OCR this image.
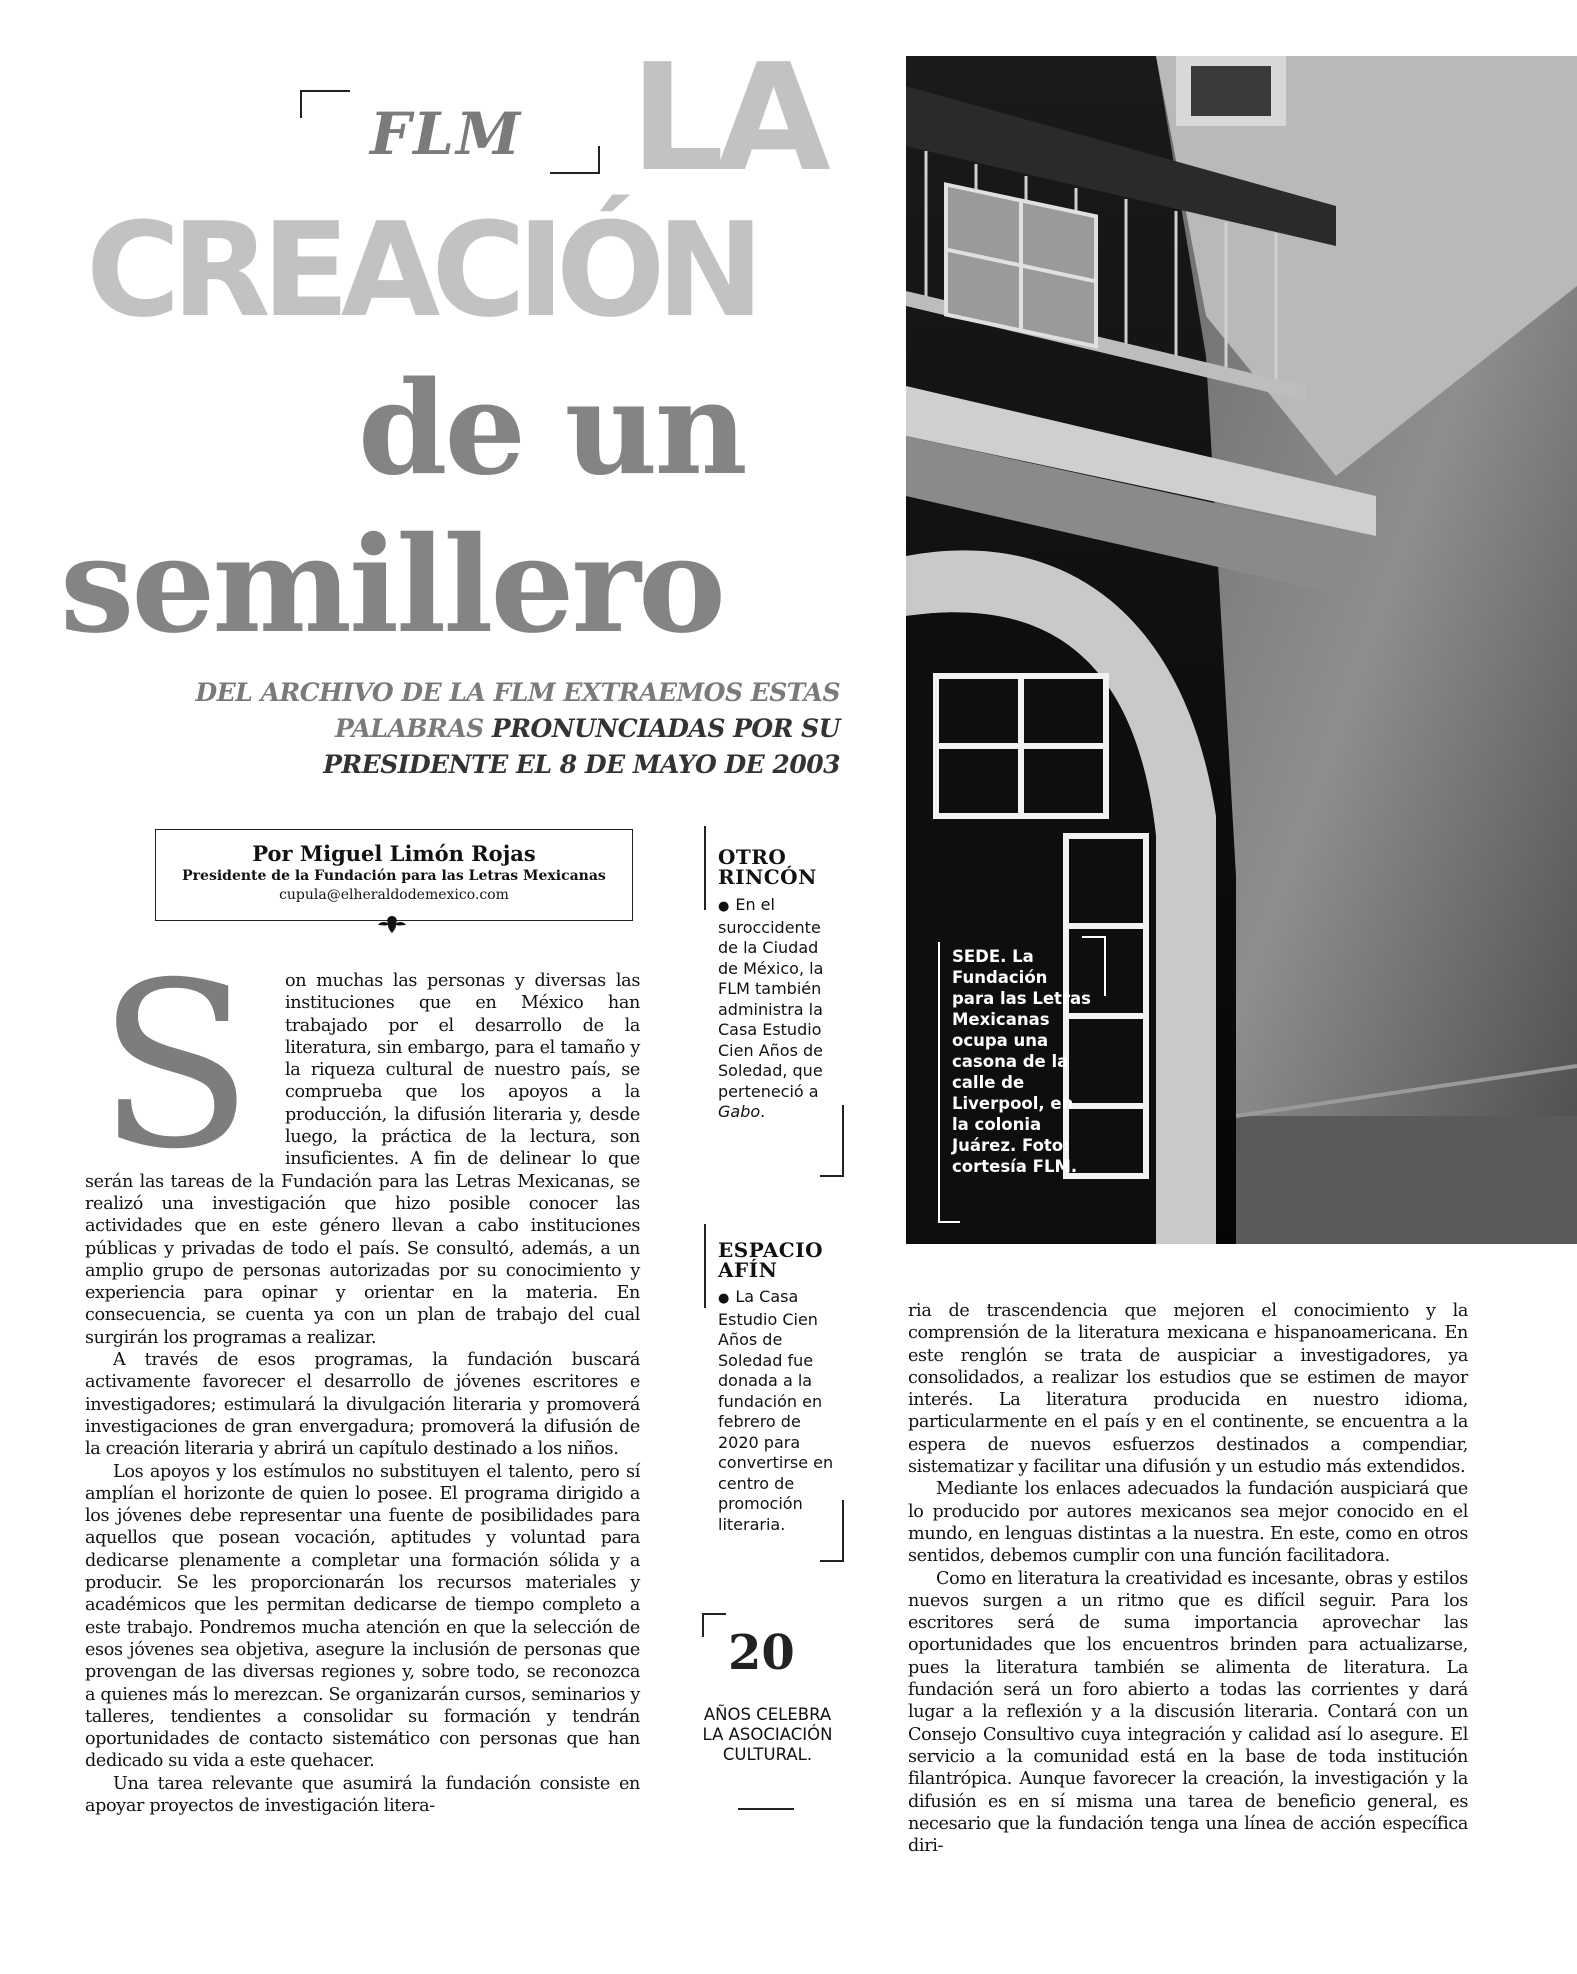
FLM LA
CREACIÓN
de un
semillero
DEL ARCHIVO DE LA FLM EXTRAEMOS ESTAS PALABRAS PRONUNCIADAS POR SU PRESIDENTE EL 8 DE MAYO DE 2003
Por Miguel Limón Rojas
Presidente de la Fundación para las Letras Mexicanas
cupula@elheraldodemexico.com
S	on muchas las personas y diversas las instituciones que en México han trabajado por el desarrollo de la literatura, sin embargo, para el tamaño y la riqueza cultural de nuestro país, se comprueba que los apoyos a la producción, la difusión literaria y, desde luego, la práctica de la lectura, son insuficientes. A fin de delinear lo que serán las tareas de la Fundación para las Letras Mexicanas, se realizó una investigación que hizo posible conocer las actividades que en este género llevan a cabo instituciones públicas y privadas de todo el país. Se consultó, además, a un amplio grupo de personas autorizadas por su conocimiento y experiencia para opinar y orientar en la materia. En consecuencia, se cuenta ya con un plan de trabajo del cual surgirán los programas a realizar.

A través de esos programas, la fundación buscará activamente favorecer el desarrollo de jóvenes escritores e investigadores; estimulará la divulgación literaria y promoverá investigaciones de gran envergadura; promoverá la difusión de la creación literaria y abrirá un capítulo destinado a los niños.

Los apoyos y los estímulos no substituyen el talento, pero sí amplían el horizonte de quien lo posee. El programa dirigido a los jóvenes debe representar una fuente de posibilidades para aquellos que posean vocación, aptitudes y voluntad para dedicarse plenamente a completar una formación sólida y a producir. Se les proporcionarán los recursos materiales y académicos que les permitan dedicarse de tiempo completo a este trabajo. Pondremos mucha atención en que la selección de esos jóvenes sea objetiva, asegure la inclusión de personas que provengan de las diversas regiones y, sobre todo, se reconozca a quienes más lo merezcan. Se organizarán cursos, seminarios y talleres, tendientes a consolidar su formación y tendrán oportunidades de contacto sistemático con personas que han dedicado su vida a este quehacer.

Una tarea relevante que asumirá la fundación consiste en apoyar proyectos de investigación litera-

OTRO
RINCÓN
● En el suroccidente de la Ciudad de México, la FLM también administra la Casa Estudio Cien Años de Soledad, que perteneció a Gabo.
ESPACIO
AFÍN
● La Casa Estudio Cien Años de Soledad fue donada a la fundación en febrero de 2020 para convertirse en centro de promoción literaria.
20
AÑOS CELEBRA LA ASOCIACIÓN CULTURAL.
SEDE. La Fundación para las Letras Mexicanas ocupa una casona de la calle de Liverpool, en la colonia Juárez. Foto: cortesía FLM.

ria de trascendencia que mejoren el conocimiento y la comprensión de la literatura mexicana e hispanoamericana. En este renglón se trata de auspiciar a investigadores, ya consolidados, a realizar los estudios que se estimen de mayor interés. La literatura producida en nuestro idioma, particularmente en el país y en el continente, se encuentra a la espera de nuevos esfuerzos destinados a compendiar, sistematizar y facilitar una difusión y un estudio más extendidos.

Mediante los enlaces adecuados la fundación auspiciará que lo producido por autores mexicanos sea mejor conocido en el mundo, en lenguas distintas a la nuestra. En este, como en otros sentidos, debemos cumplir con una función facilitadora.

Como en literatura la creatividad es incesante, obras y estilos nuevos surgen a un ritmo que es difícil seguir. Para los escritores será de suma importancia aprovechar las oportunidades que los encuentros brinden para actualizarse, pues la literatura también se alimenta de literatura. La fundación será un foro abierto a todas las corrientes y dará lugar a la reflexión y a la discusión literaria. Contará con un Consejo Consultivo cuya integración y calidad así lo asegure. El servicio a la comunidad está en la base de toda institución filantrópica. Aunque favorecer la creación, la investigación y la difusión es en sí misma una tarea de beneficio general, es necesario que la fundación tenga una línea de acción específica diri-
